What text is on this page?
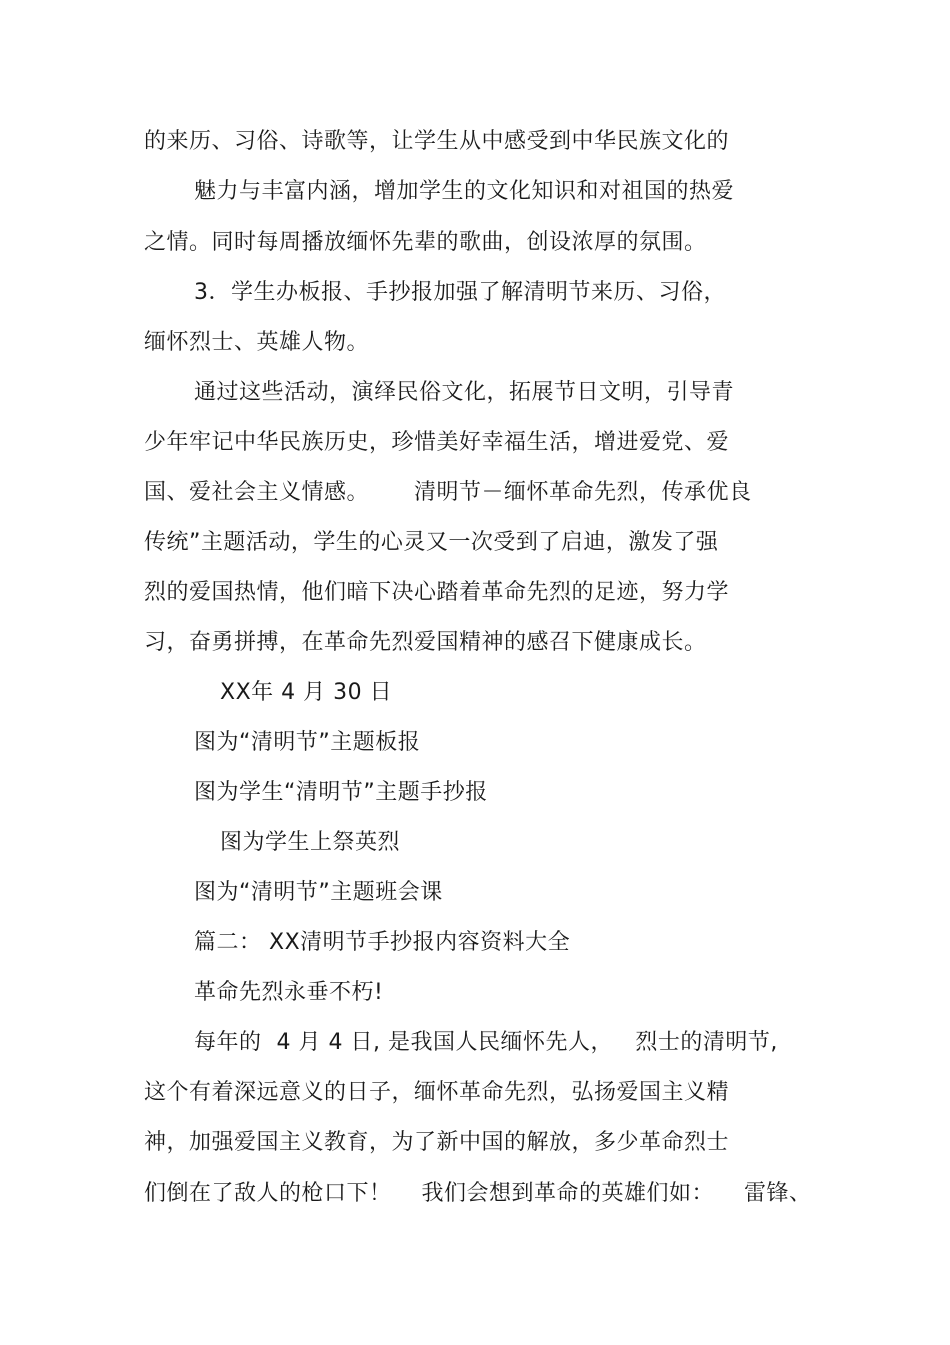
的来历、习俗、诗歌等，让学生从中感受到中华民族文化的
魅力与丰富内涵，增加学生的文化知识和对祖国的热爱
之情。同时每周播放缅怀先辈的歌曲，创设浓厚的氛围。
3．学生办板报、手抄报加强了解清明节来历、习俗，
缅怀烈士、英雄人物。
通过这些活动，演绎民俗文化，拓展节日文明，引导青
少年牢记中华民族历史，珍惜美好幸福生活，增进爱党、爱
国、爱社会主义情感。      清明节－缅怀革命先烈，传承优良
传统”主题活动，学生的心灵又一次受到了启迪，激发了强
烈的爱国热情，他们暗下决心踏着革命先烈的足迹，努力学
习，奋勇拼搏，在革命先烈爱国精神的感召下健康成长。
XX年 4 月 30 日
图为“清明节”主题板报
图为学生“清明节”主题手抄报
图为学生上祭英烈
图为“清明节”主题班会课
篇二： XX清明节手抄报内容资料大全
革命先烈永垂不朽!
每年的  4 月 4 日, 是我国人民缅怀先人，   烈士的清明节,
这个有着深远意义的日子，缅怀革命先烈，弘扬爱国主义精
神，加强爱国主义教育，为了新中国的解放，多少革命烈士
们倒在了敌人的枪口下！    我们会想到革命的英雄们如：    雷锋、
